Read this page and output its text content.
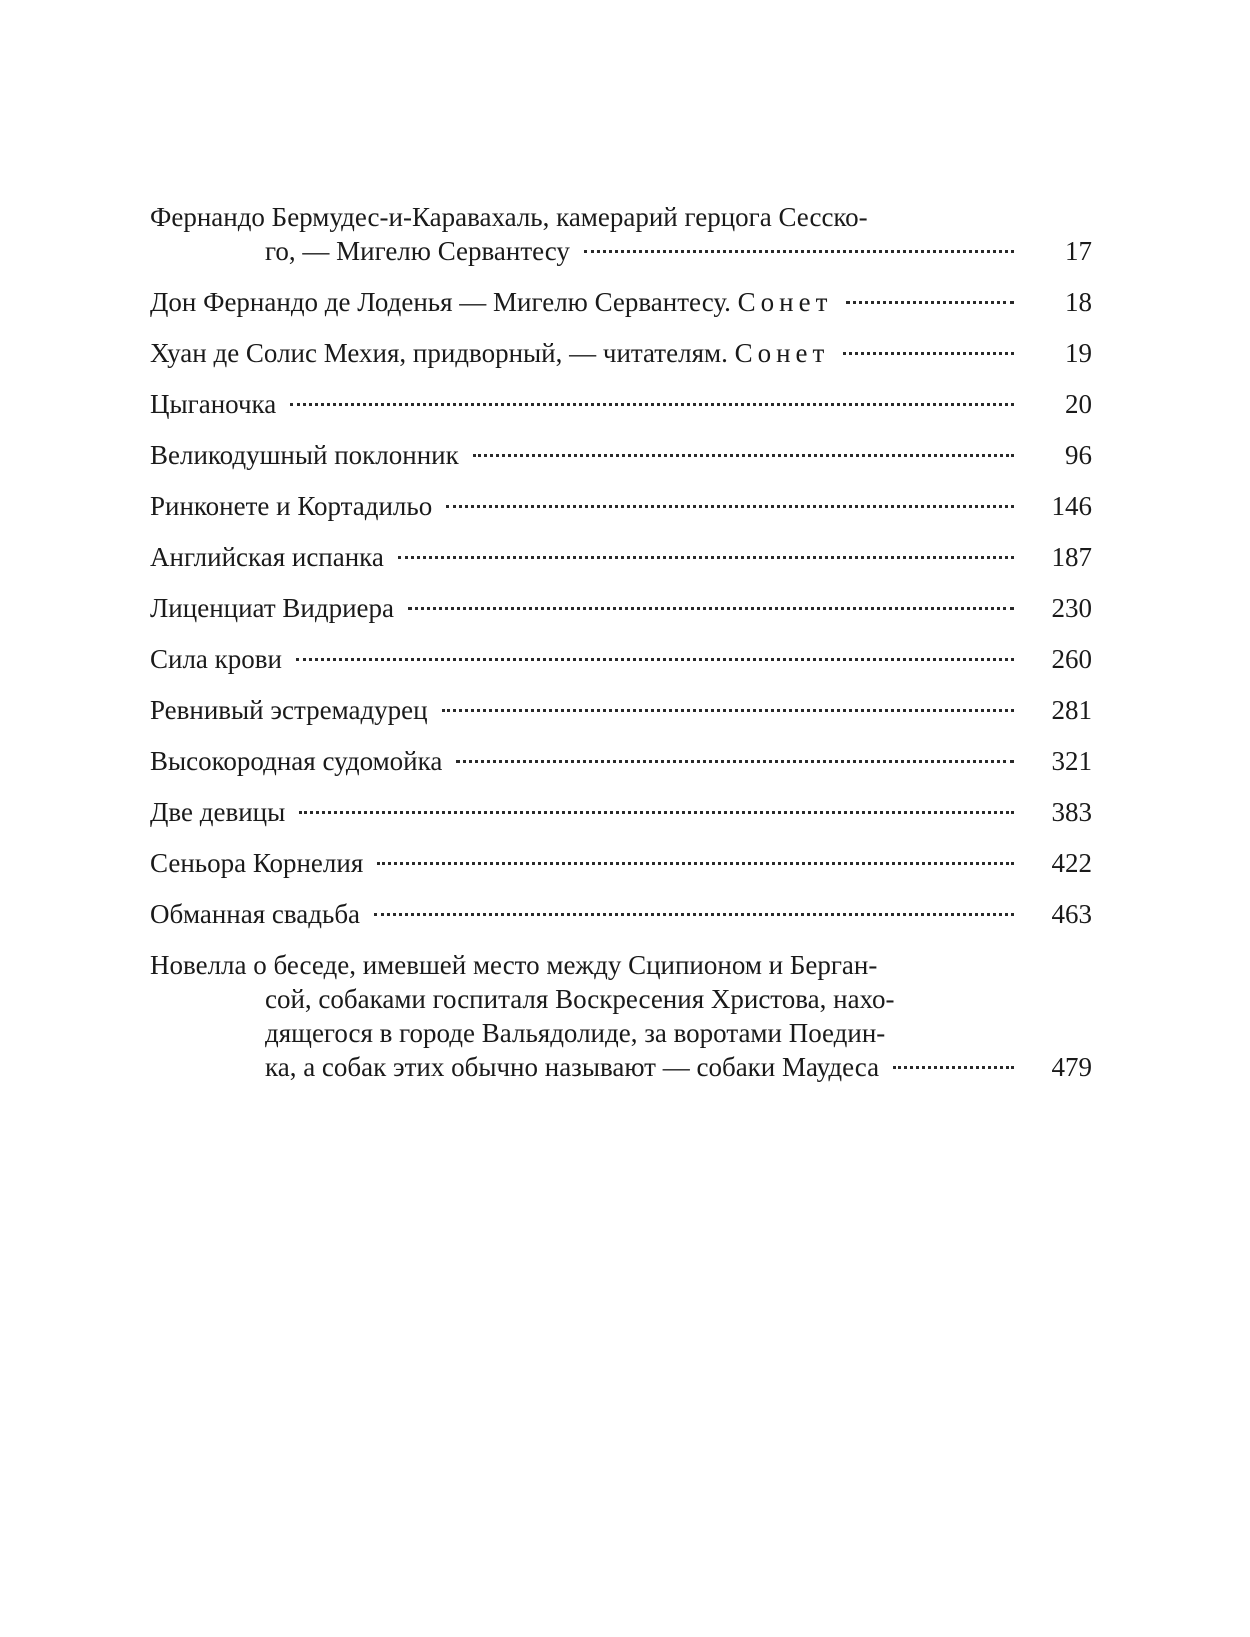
Фернандо Бермудес-и-Каравахаль, камерарий герцога Сесско-
го, — Мигелю Сервантесу	17
Дон Фернандо де Лоденья — Мигелю Сервантесу. Сонет	18
Хуан де Солис Мехия, придворный, — читателям. Сонет	19
Цыганочка	20
Великодушный поклонник	96
Ринконете и Кортадильо	146
Английская испанка	187
Лиценциат Видриера	230
Сила крови	260
Ревнивый эстремадурец	281
Высокородная судомойка	321
Две девицы	383
Сеньора Корнелия	422
Обманная свадьба	463
Новелла о беседе, имевшей место между Сципионом и Берган-
сой, собаками госпиталя Воскресения Христова, нахо-
дящегося в городе Вальядолиде, за воротами Поедин-
ка, а собак этих обычно называют — собаки Маудеса	479
